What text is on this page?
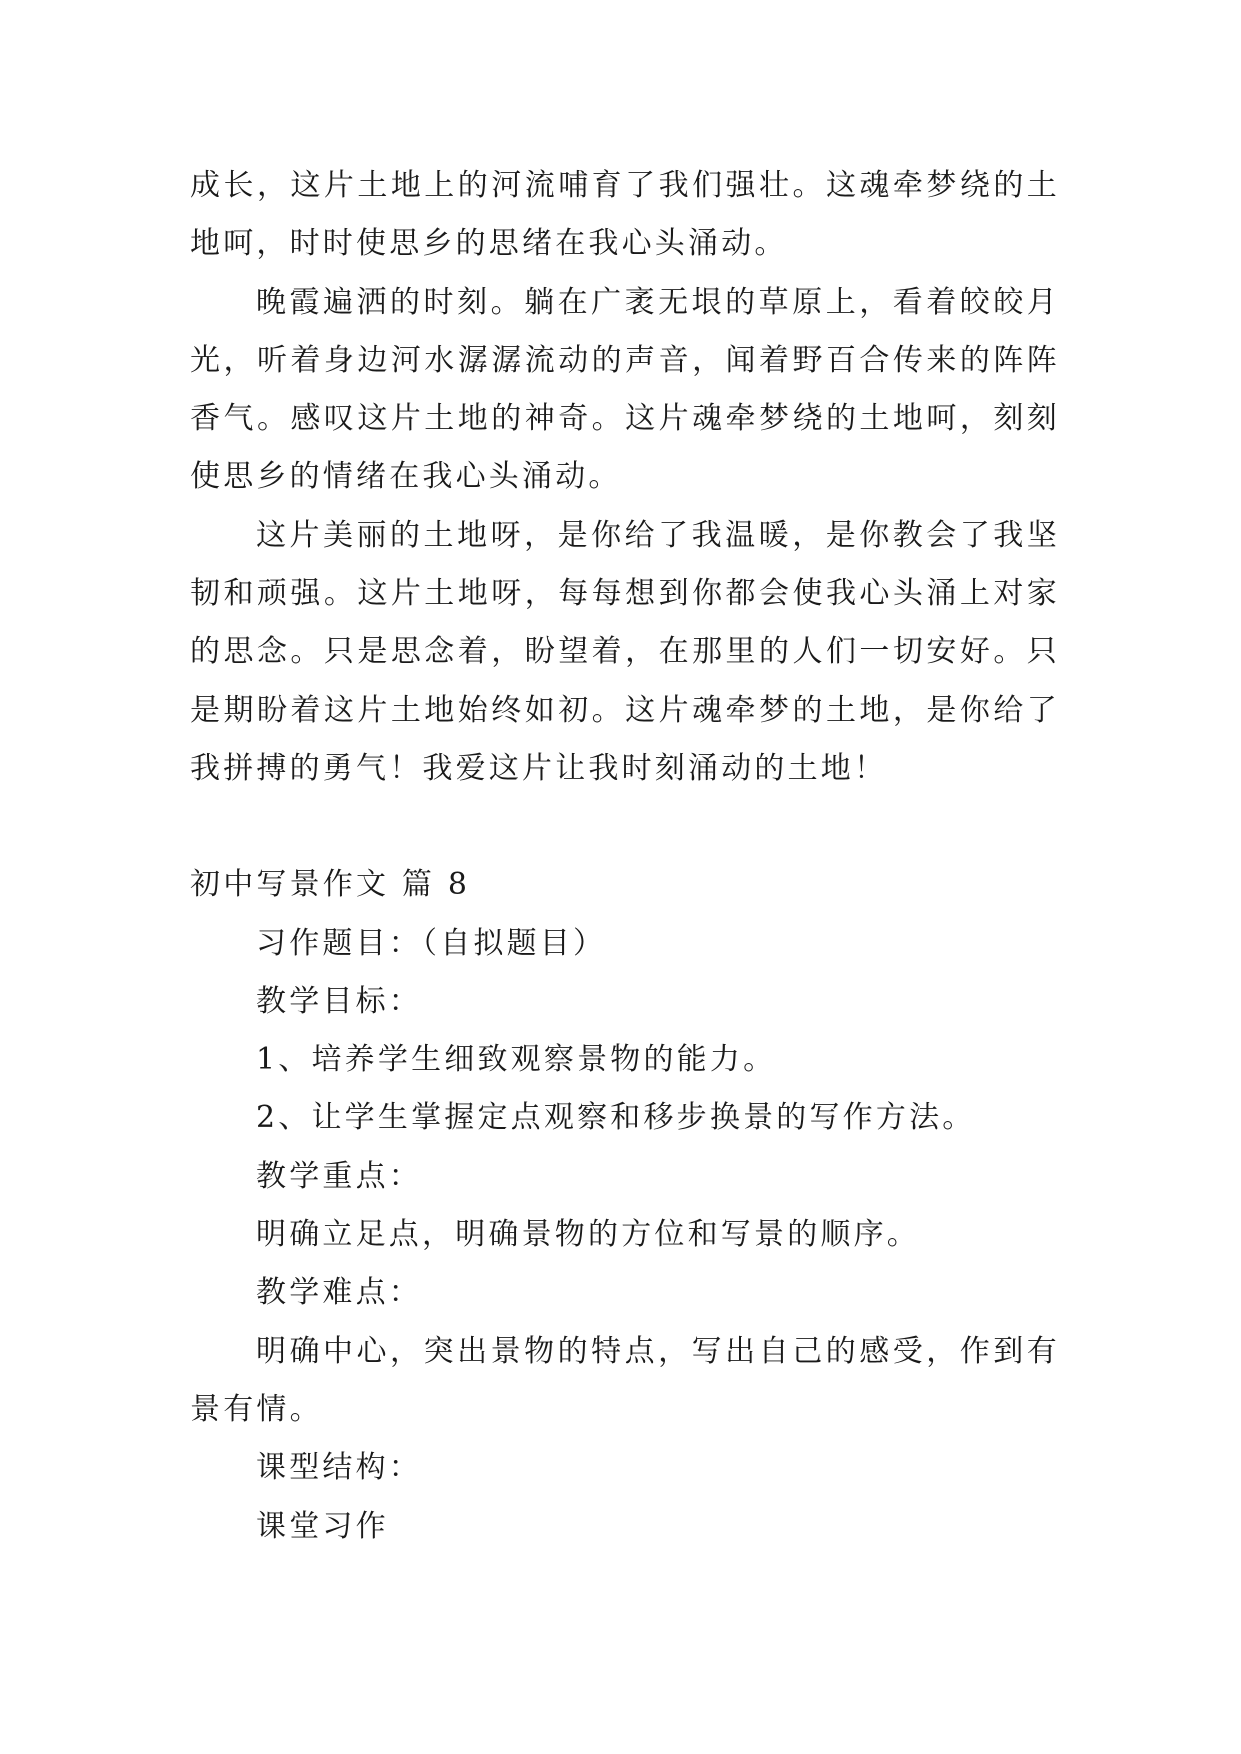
成长，这片土地上的河流哺育了我们强壮。这魂牵梦绕的土地呵，时时使思乡的思绪在我心头涌动。

晚霞遍洒的时刻。躺在广袤无垠的草原上，看着皎皎月光，听着身边河水潺潺流动的声音，闻着野百合传来的阵阵香气。感叹这片土地的神奇。这片魂牵梦绕的土地呵，刻刻使思乡的情绪在我心头涌动。

这片美丽的土地呀，是你给了我温暖，是你教会了我坚韧和顽强。这片土地呀，每每想到你都会使我心头涌上对家的思念。只是思念着，盼望着，在那里的人们一切安好。只是期盼着这片土地始终如初。这片魂牵梦的土地，是你给了我拼搏的勇气！我爱这片让我时刻涌动的土地！

初中写景作文 篇 8

习作题目：（自拟题目）

教学目标：

1、培养学生细致观察景物的能力。

2、让学生掌握定点观察和移步换景的写作方法。

教学重点：

明确立足点，明确景物的方位和写景的顺序。

教学难点：

明确中心，突出景物的特点，写出自己的感受，作到有景有情。

课型结构：

课堂习作
